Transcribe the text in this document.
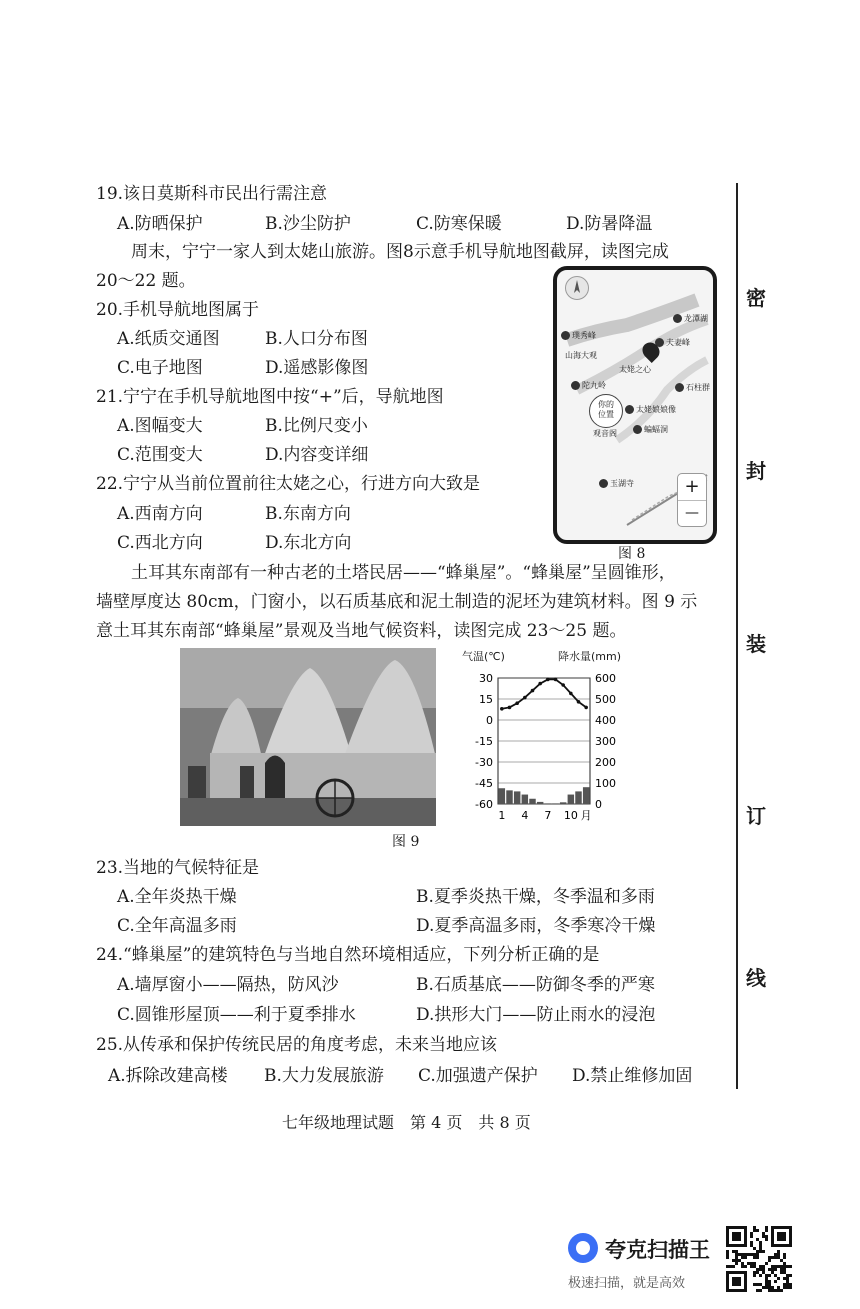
19.该日莫斯科市民出行需注意
A.防晒保护	B.沙尘防护	C.防寒保暖	D.防暑降温
周末，宁宁一家人到太姥山旅游。图8示意手机导航地图截屏，读图完成
20～22 题。
20.手机导航地图属于
A.纸质交通图	B.人口分布图
C.电子地图	D.遥感影像图
21.宁宁在手机导航地图中按“+”后，导航地图
A.图幅变大	B.比例尺变小
C.范围变大	D.内容变详细
22.宁宁从当前位置前往太姥之心，行进方向大致是
A.西南方向	B.东南方向
C.西北方向	D.东北方向
龙潭湖
璞秀峰
夫妻峰
山海大观
太姥之心
陀九岭	石柱群
你的
位置
太姥娘娘像
观音阁	蝙蝠洞
玉湖寺	+
—
图 8
土耳其东南部有一种古老的土塔民居——“蜂巢屋”。“蜂巢屋”呈圆锥形，
墙壁厚度达 80cm，门窗小，以石质基底和泥土制造的泥坯为建筑材料。图 9 示
意土耳其东南部“蜂巢屋”景观及当地气候资料，读图完成 23～25 题。
气温(℃)	降水量(mm)
30	600
15	500
0	400
-15	300
-30	200
-45	100
-60	0
1 4 7 10 月
图 9
23.当地的气候特征是
A.全年炎热干燥	B.夏季炎热干燥，冬季温和多雨
C.全年高温多雨	D.夏季高温多雨，冬季寒冷干燥
24.“蜂巢屋”的建筑特色与当地自然环境相适应，下列分析正确的是
A.墙厚窗小——隔热，防风沙	B.石质基底——防御冬季的严寒
C.圆锥形屋顶——利于夏季排水	D.拱形大门——防止雨水的浸泡
25.从传承和保护传统民居的角度考虑，未来当地应该
A.拆除改建高楼 B.大力发展旅游 C.加强遗产保护 D.禁止维修加固
七年级地理试题　第 4 页　共 8 页
密
封
装
订
线
夸克扫描王
极速扫描，就是高效
